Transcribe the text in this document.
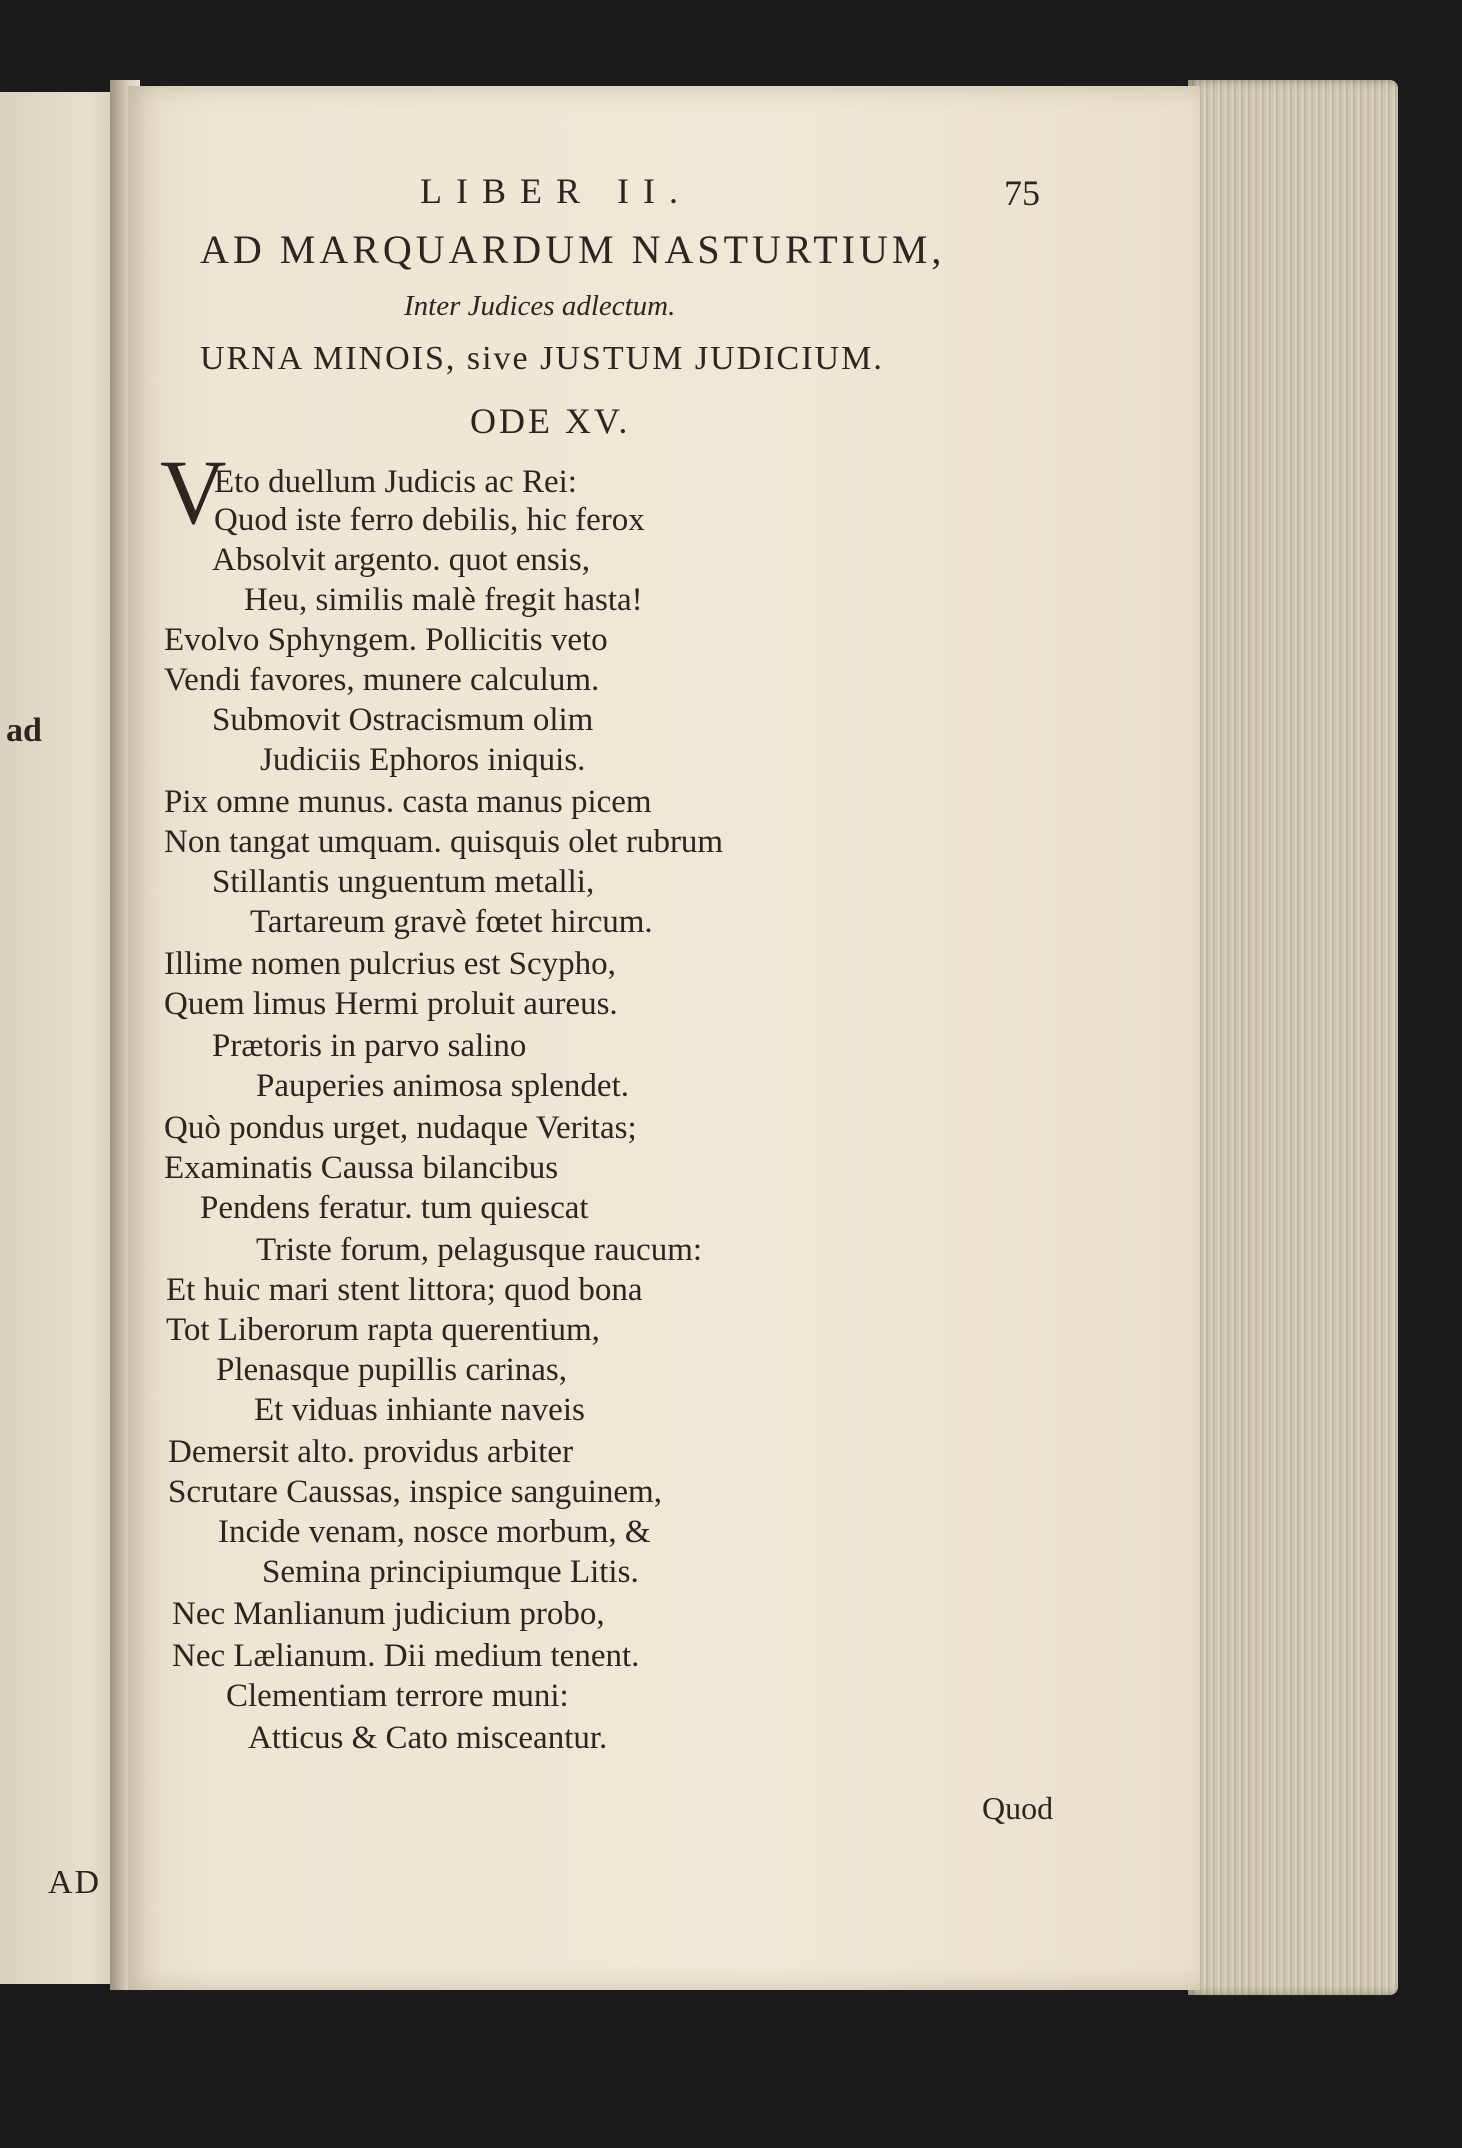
ad
AD
LIBER II.	75
AD MARQUARDUM NASTURTIUM,
Inter Judices adlectum.
URNA MINOIS, sive JUSTUM JUDICIUM.
ODE XV.
V
Eto duellum Judicis ac Rei:
Quod iste ferro debilis, hic ferox
Absolvit argento. quot ensis,
Heu, similis malè fregit hasta!
Evolvo Sphyngem. Pollicitis veto
Vendi favores, munere calculum.
Submovit Ostracismum olim
Judiciis Ephoros iniquis.
Pix omne munus. casta manus picem
Non tangat umquam. quisquis olet rubrum
Stillantis unguentum metalli,
Tartareum gravè fœtet hircum.
Illime nomen pulcrius est Scypho,
Quem limus Hermi proluit aureus.
Prætoris in parvo salino
Pauperies animosa splendet.
Quò pondus urget, nudaque Veritas;
Examinatis Caussa bilancibus
Pendens feratur. tum quiescat
Triste forum, pelagusque raucum:
Et huic mari stent littora; quod bona
Tot Liberorum rapta querentium,
Plenasque pupillis carinas,
Et viduas inhiante naveis
Demersit alto. providus arbiter
Scrutare Caussas, inspice sanguinem,
Incide venam, nosce morbum, &
Semina principiumque Litis.
Nec Manlianum judicium probo,
Nec Lælianum. Dii medium tenent.
Clementiam terrore muni:
Atticus & Cato misceantur.
Quod
